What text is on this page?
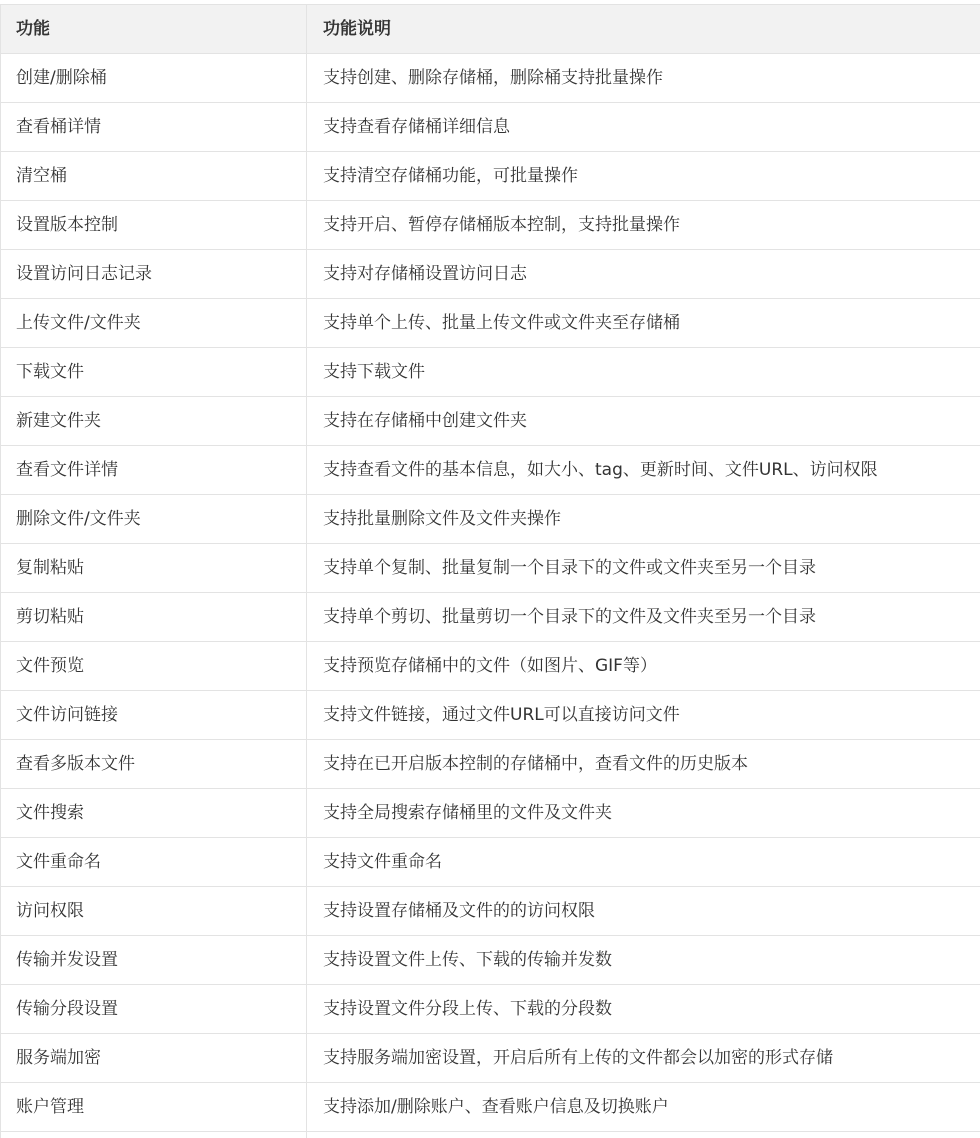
功能	功能说明
创建/删除桶	支持创建、删除存储桶，删除桶支持批量操作
查看桶详情	支持查看存储桶详细信息
清空桶	支持清空存储桶功能，可批量操作
设置版本控制	支持开启、暂停存储桶版本控制，支持批量操作
设置访问日志记录	支持对存储桶设置访问日志
上传文件/文件夹	支持单个上传、批量上传文件或文件夹至存储桶
下载文件	支持下载文件
新建文件夹	支持在存储桶中创建文件夹
查看文件详情	支持查看文件的基本信息，如大小、tag、更新时间、文件URL、访问权限
删除文件/文件夹	支持批量删除文件及文件夹操作
复制粘贴	支持单个复制、批量复制一个目录下的文件或文件夹至另一个目录
剪切粘贴	支持单个剪切、批量剪切一个目录下的文件及文件夹至另一个目录
文件预览	支持预览存储桶中的文件（如图片、GIF等）
文件访问链接	支持文件链接，通过文件URL可以直接访问文件
查看多版本文件	支持在已开启版本控制的存储桶中，查看文件的历史版本
文件搜索	支持全局搜索存储桶里的文件及文件夹
文件重命名	支持文件重命名
访问权限	支持设置存储桶及文件的的访问权限
传输并发设置	支持设置文件上传、下载的传输并发数
传输分段设置	支持设置文件分段上传、下载的分段数
服务端加密	支持服务端加密设置，开启后所有上传的文件都会以加密的形式存储
账户管理	支持添加/删除账户、查看账户信息及切换账户
